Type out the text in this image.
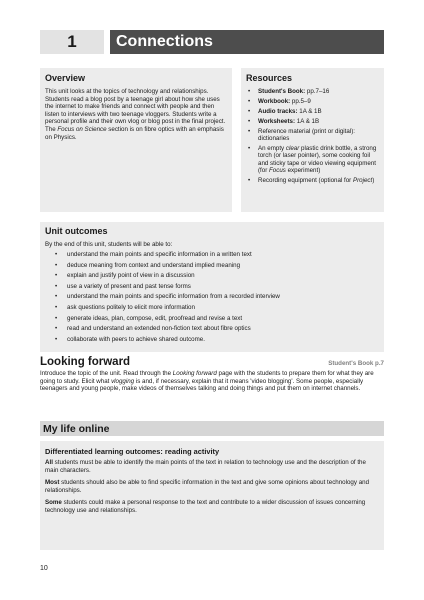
1	Connections
Overview

This unit looks at the topics of technology and relationships. Students read a blog post by a teenage girl about how she uses the internet to make friends and connect with people and then listen to interviews with two teenage vloggers. Students write a personal profile and their own vlog or blog post in the final project. The Focus on Science section is on fibre optics with an emphasis on Physics.

Resources
• Student's Book: pp.7–16
• Workbook: pp.5–9
• Audio tracks: 1A & 1B
• Worksheets: 1A & 1B
• Reference material (print or digital): dictionaries
• An empty clear plastic drink bottle, a strong torch (or laser pointer), some cooking foil and sticky tape or video viewing equipment (for Focus experiment)
• Recording equipment (optional for Project)
Unit outcomes

By the end of this unit, students will be able to:

• understand the main points and specific information in a written text
• deduce meaning from context and understand implied meaning
• explain and justify point of view in a discussion
• use a variety of present and past tense forms
• understand the main points and specific information from a recorded interview
• ask questions politely to elicit more information
• generate ideas, plan, compose, edit, proofread and revise a text
• read and understand an extended non-fiction text about fibre optics
• collaborate with peers to achieve shared outcome.
Looking forward	Student's Book p.7

Introduce the topic of the unit. Read through the Looking forward page with the students to prepare them for what they are going to study. Elicit what vlogging is and, if necessary, explain that it means 'video blogging'. Some people, especially teenagers and young people, make videos of themselves talking and doing things and put them on internet channels.

My life online
Differentiated learning outcomes: reading activity

All students must be able to identify the main points of the text in relation to technology use and the description of the main characters.

Most students should also be able to find specific information in the text and give some opinions about technology and relationships.

Some students could make a personal response to the text and contribute to a wider discussion of issues concerning technology use and relationships.

10
